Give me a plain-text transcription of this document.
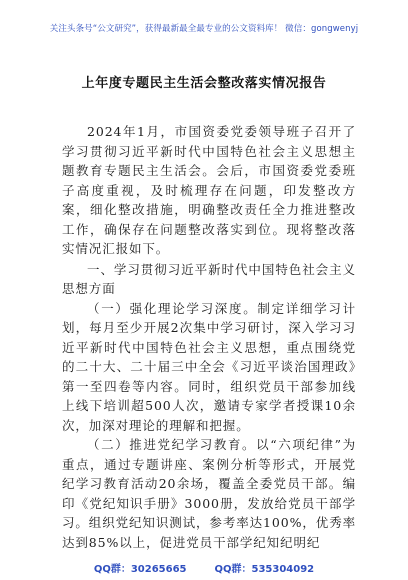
关注头条号“公文研究”，获得最新最全最专业的公文资料库！ 微信：gongwenyj
上年度专题民主生活会整改落实情况报告

2024年1月，市国资委党委领导班子召开了学习贯彻习近平新时代中国特色社会主义思想主题教育专题民主生活会。会后，市国资委党委班子高度重视，及时梳理存在问题，印发整改方案，细化整改措施，明确整改责任全力推进整改工作，确保存在问题整改落实到位。现将整改落实情况汇报如下。

一、学习贯彻习近平新时代中国特色社会主义思想方面

（一）强化理论学习深度。制定详细学习计划，每月至少开展2次集中学习研讨，深入学习习近平新时代中国特色社会主义思想，重点围绕党的二十大、二十届三中全会《习近平谈治国理政》第一至四卷等内容。同时，组织党员干部参加线上线下培训超500人次，邀请专家学者授课10余次，加深对理论的理解和把握。

（二）推进党纪学习教育。以“六项纪律”为重点，通过专题讲座、案例分析等形式，开展党纪学习教育活动20余场，覆盖全委党员干部。编印《党纪知识手册》3000册，发放给党员干部学习。组织党纪知识测试，参考率达100%，优秀率达到85%以上，促进党员干部学纪知纪明纪

QQ群：30265665	QQ群：535304092
